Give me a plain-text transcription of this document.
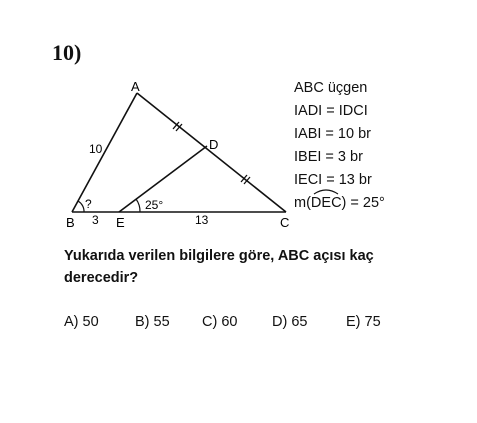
10)
A
B	C
D
E
10
3	13
?	25°
ABC üçgen
IADI = IDCI
IABI = 10 br
IBEI = 3 br
IECI = 13 br
m(
DEC) = 25°
Yukarıda verilen bilgilere göre, ABC açısı kaç derecedir?
A) 50	B) 55 C) 60 D) 65	E) 75
